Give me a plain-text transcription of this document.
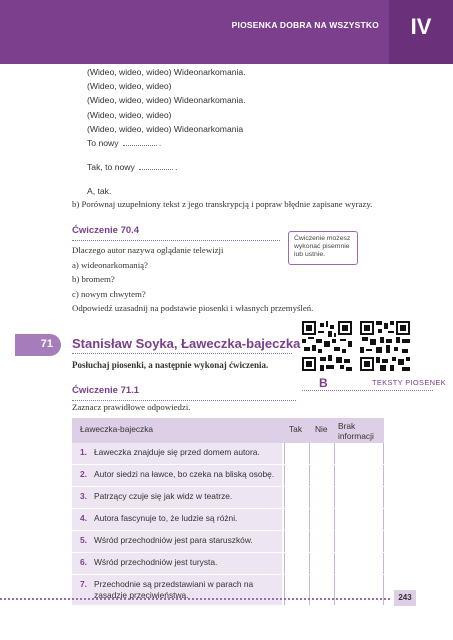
PIOSENKA DOBRA NA WSZYSTKO	IV
(Wideo, wideo, wideo) Wideonarkomania.
(Wideo, wideo, wideo)
(Wideo, wideo, wideo) Wideonarkomania.
(Wideo, wideo, wideo)
(Wideo, wideo, wideo) Wideonarkomania
To nowy	.
Tak, to nowy	.
A, tak.
b) Porównaj uzupełniony tekst z jego transkrypcją i popraw błędnie zapisane wyrazy.
Ćwiczenie 70.4
Ćwiczenie możesz wykonać pisemnie lub ustnie.
Dlaczego autor nazywa oglądanie telewizji
a) wideonarkomanią?
b) bromem?
c) nowym chwytem?
Odpowiedź uzasadnij na podstawie piosenki i własnych przemyśleń.
71 Stanisław Soyka, Ławeczka-bajeczka
Posłuchaj piosenki, a następnie wykonaj ćwiczenia.
B	TEKSTY PIOSENEK
Ćwiczenie 71.1
Zaznacz prawidłowe odpowiedzi.
Ławeczka-bajeczka	Tak Nie Brak informacji
1. Ławeczka znajduje się przed domem autora.
2. Autor siedzi na ławce, bo czeka na bliską osobę.
3. Patrzący czuje się jak widz w teatrze.
4. Autora fascynuje to, że ludzie są różni.
5. Wśród przechodniów jest para staruszków.
6. Wśród przechodniów jest turysta.
7. Przechodnie są przedstawiani w parach na zasadzie przeciwieństwa.	243
